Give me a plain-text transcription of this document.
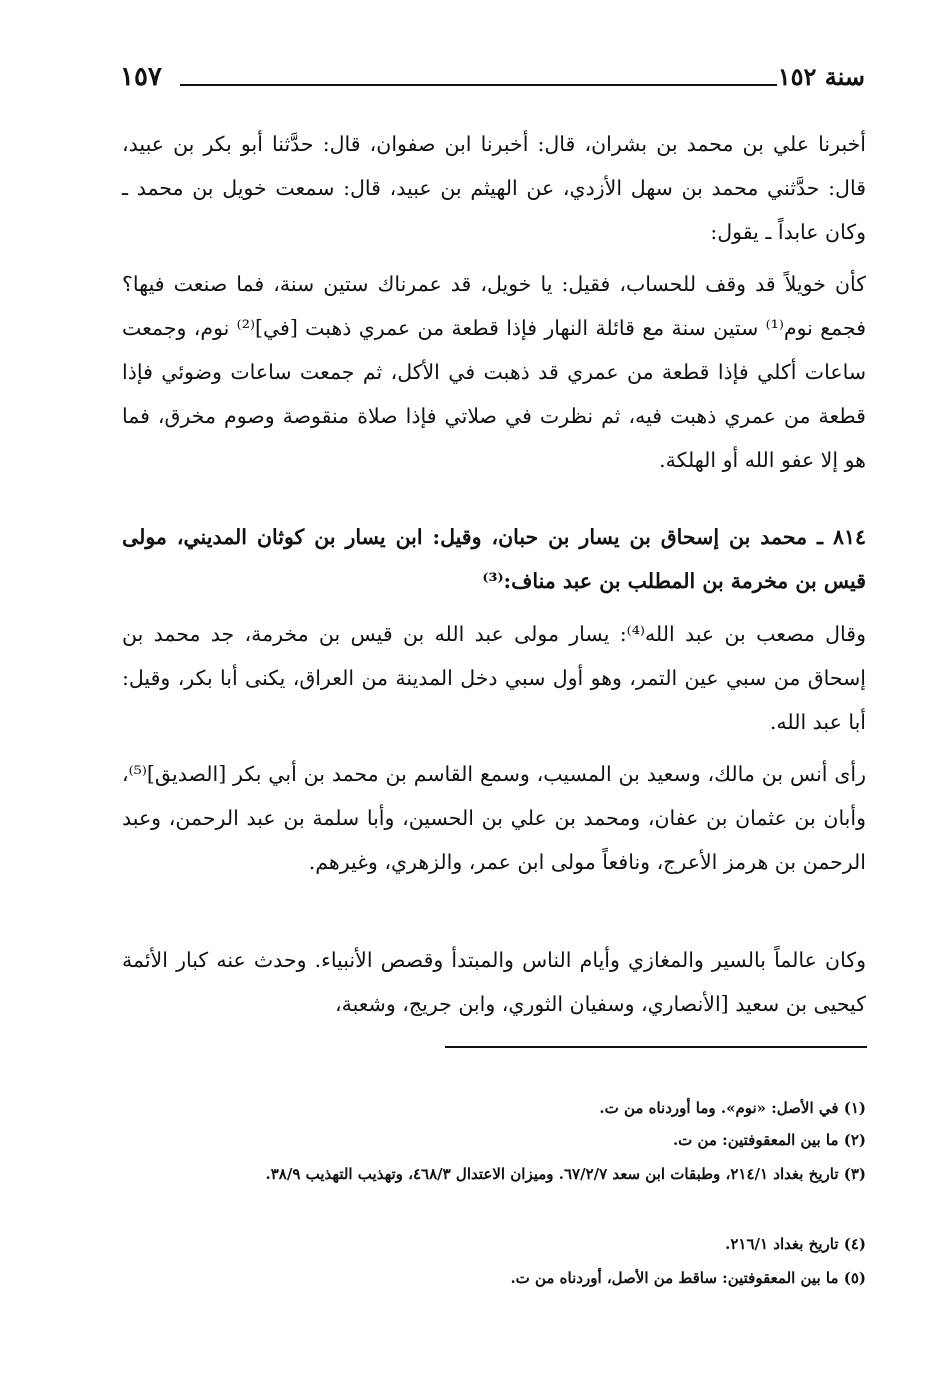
سنة ١٥٢
١٥٧

أخبرنا علي بن محمد بن بشران، قال: أخبرنا ابن صفوان، قال: حدَّثنا أبو بكر بن عبيد، قال: حدَّثني محمد بن سهل الأزدي، عن الهيثم بن عبيد، قال: سمعت خويل بن محمد ـ وكان عابداً ـ يقول:

كأن خويلاً قد وقف للحساب، فقيل: يا خويل، قد عمرناك ستين سنة، فما صنعت فيها؟ فجمع نوم⁽¹⁾ ستين سنة مع قائلة النهار فإذا قطعة من عمري ذهبت [في]⁽²⁾ نوم، وجمعت ساعات أكلي فإذا قطعة من عمري قد ذهبت في الأكل، ثم جمعت ساعات وضوئي فإذا قطعة من عمري ذهبت فيه، ثم نظرت في صلاتي فإذا صلاة منقوصة وصوم مخرق، فما هو إلا عفو الله أو الهلكة.

٨١٤ ـ محمد بن إسحاق بن يسار بن حبان، وقيل: ابن يسار بن كوثان المديني، مولى قيس بن مخرمة بن المطلب بن عبد مناف:⁽³⁾

وقال مصعب بن عبد الله⁽⁴⁾: يسار مولى عبد الله بن قيس بن مخرمة، جد محمد بن إسحاق من سبي عين التمر، وهو أول سبي دخل المدينة من العراق، يكنى أبا بكر، وقيل: أبا عبد الله.

رأى أنس بن مالك، وسعيد بن المسيب، وسمع القاسم بن محمد بن أبي بكر [الصديق]⁽⁵⁾، وأبان بن عثمان بن عفان، ومحمد بن علي بن الحسين، وأبا سلمة بن عبد الرحمن، وعبد الرحمن بن هرمز الأعرج، ونافعاً مولى ابن عمر، والزهري، وغيرهم.

وكان عالماً بالسير والمغازي وأيام الناس والمبتدأ وقصص الأنبياء. وحدث عنه كبار الأئمة كيحيى بن سعيد [الأنصاري، وسفيان الثوري، وابن جريج، وشعبة،

(١) في الأصل: «نوم». وما أوردناه من ت.

(٢) ما بين المعقوفتين: من ت.

(٣) تاريخ بغداد ٢١٤/١، وطبقات ابن سعد ٦٧/٢/٧. وميزان الاعتدال ٤٦٨/٣، وتهذيب التهذيب ٣٨/٩.

(٤) تاريخ بغداد ٢١٦/١.

(٥) ما بين المعقوفتين: ساقط من الأصل، أوردناه من ت.
